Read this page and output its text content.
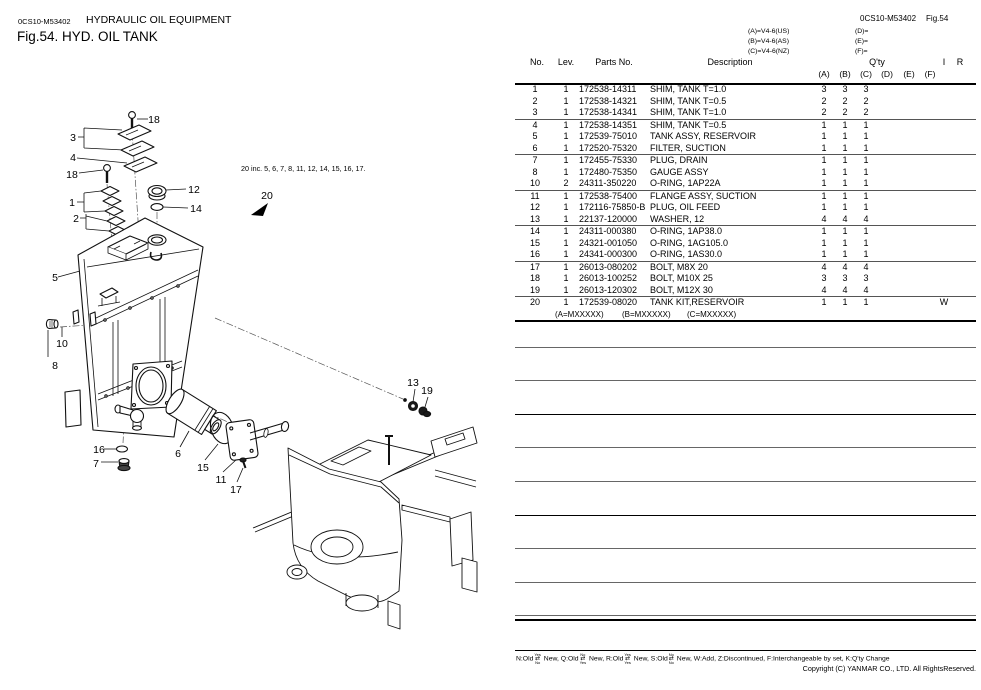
0CS10-M53402 HYDRAULIC OIL EQUIPMENT
Fig.54. HYD. OIL TANK
0CS10-M53402 Fig.54
(A)=V4-6(US)
(B)=V4-6(AS)
(C)=V4-6(NZ)
(D)=
(E)=
(F)=
20 inc. 5, 6, 7, 8, 11, 12, 14, 15, 16, 17.
18
3
4
18
1
2
12
14
20
5
10
8
16
7
6
15
11
17
13
19
No. Lev. Parts No.	Description	Q'ty	I R
(A) (B) (C) (D) (E) (F)
1	1	172538-14311 SHIM, TANK T=1.0	3	3	3
2	1	172538-14321 SHIM, TANK T=0.5	2	2	2
3	1	172538-14341 SHIM, TANK T=1.0	2	2	2
4	1	172538-14351 SHIM, TANK T=0.5	1	1	1
5	1	172539-75010 TANK ASSY, RESERVOIR	1	1	1
6	1	172520-75320 FILTER, SUCTION	1	1	1
7	1	172455-75330 PLUG, DRAIN	1	1	1
8	1	172480-75350 GAUGE ASSY	1	1	1
10	2	24311-350220 O-RING, 1AP22A	1	1	1
11	1	172538-75400 FLANGE ASSY, SUCTION	1	1	1
12	1	172116-75850-B PLUG, OIL FEED	1	1	1
13	1	22137-120000 WASHER, 12	4	4	4
14	1	24311-000380 O-RING, 1AP38.0	1	1	1
15	1	24321-001050 O-RING, 1AG105.0	1	1	1
16	1	24341-000300 O-RING, 1AS30.0	1	1	1
17	1	26013-080202 BOLT, M8X 20	4	4	4
18	1	26013-100252 BOLT, M10X 25	3	3	3
19	1	26013-120302 BOLT, M12X 30	4	4	4
20	1	172539-08020 TANK KIT,RESERVOIR	1	1	1	W
(A=MXXXXX) (B=MXXXXX) (C=MXXXXX)
N:Old
Yes
⇄
No New, Q:Old
No
⇄
Yes New, R:Old
Yes
⇄
Yes New, S:Old
No
⇄
No New, W:Add, Z:Discontinued, F:Interchangeable by set, K:Q'ty Change
Copyright (C) YANMAR CO., LTD. All RightsReserved.
